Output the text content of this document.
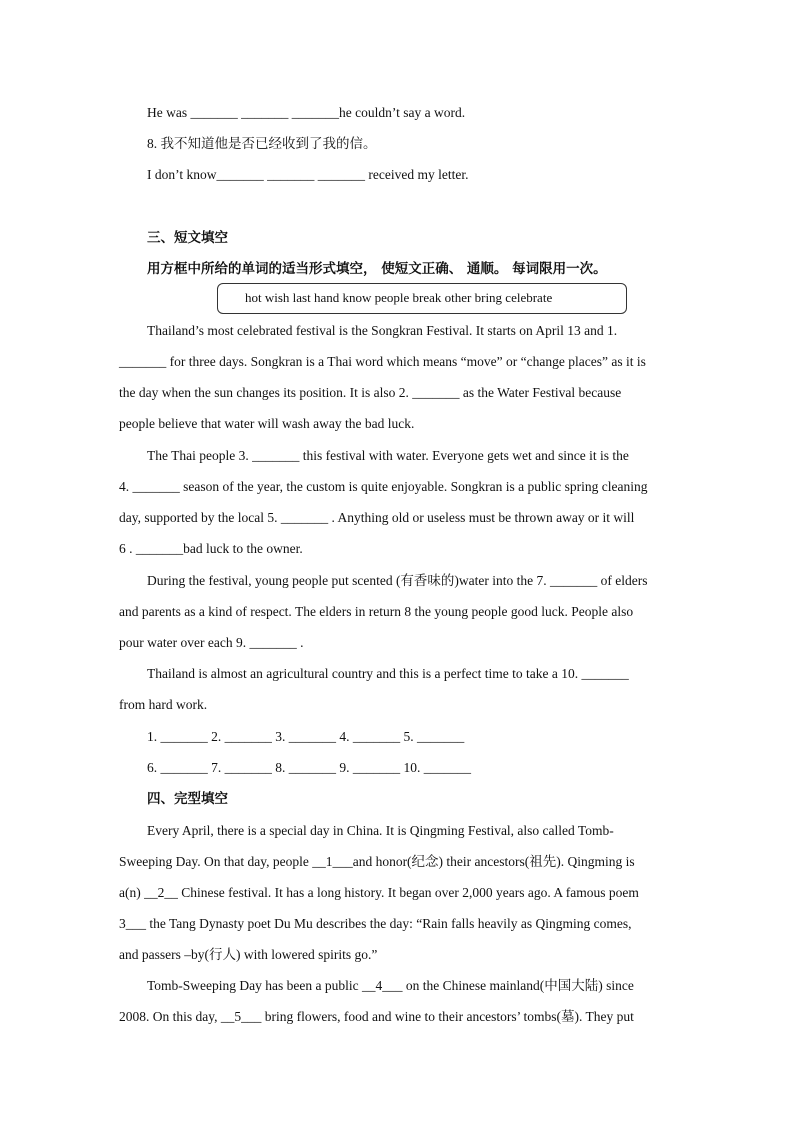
He was _______ _______ _______he couldn’t say a word.
8. 我不知道他是否已经收到了我的信。
I don’t know_______ _______ _______ received my letter.
三、短文填空
用方框中所给的单词的适当形式填空， 使短文正确、 通顺。 每词限用一次。
hot wish last hand know people break other bring celebrate
Thailand’s most celebrated festival is the Songkran Festival. It starts on April 13 and 1.
_______ for three days. Songkran is a Thai word which means “move” or “change places” as it is
the day when the sun changes its position. It is also 2. _______ as the Water Festival because
people believe that water will wash away the bad luck.
The Thai people 3. _______ this festival with water. Everyone gets wet and since it is the
4. _______ season of the year, the custom is quite enjoyable. Songkran is a public spring cleaning
day, supported by the local 5. _______ . Anything old or useless must be thrown away or it will
6 . _______bad luck to the owner.
During the festival, young people put scented (有香味的)water into the 7. _______ of elders
and parents as a kind of respect. The elders in return 8 the young people good luck. People also
pour water over each 9. _______ .
Thailand is almost an agricultural country and this is a perfect time to take a 10. _______
from hard work.
1. _______ 2. _______ 3. _______ 4. _______ 5. _______
6. _______ 7. _______ 8. _______ 9. _______ 10. _______
四、完型填空
Every April, there is a special day in China. It is Qingming Festival, also called Tomb-
Sweeping Day. On that day, people __1___and honor(纪念) their ancestors(祖先). Qingming is
a(n) __2__ Chinese festival. It has a long history. It began over 2,000 years ago. A famous poem
3___ the Tang Dynasty poet Du Mu describes the day: “Rain falls heavily as Qingming comes,
and passers –by(行人) with lowered spirits go.”
Tomb-Sweeping Day has been a public __4___ on the Chinese mainland(中国大陆) since
2008. On this day, __5___ bring flowers, food and wine to their ancestors’ tombs(墓). They put
